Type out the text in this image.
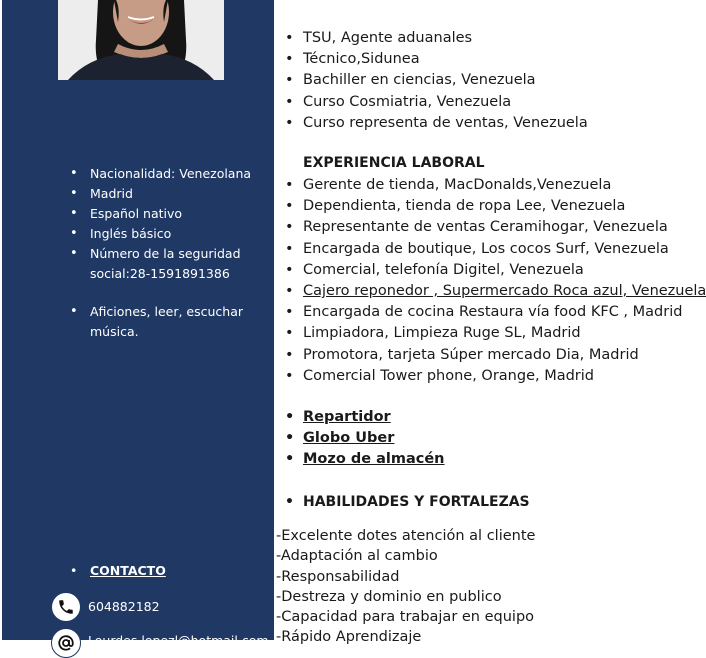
• Nacionalidad: Venezolana
• Madrid
• Español nativo
• Inglés básico
• Número de la seguridad social:28-1591891386
• Aficiones, leer, escuchar música.
• CONTACTO
604882182
Lourdes.lopezl@hotmail.com
• TSU, Agente aduanales
• Técnico,Sidunea
• Bachiller en ciencias, Venezuela
• Curso Cosmiatria, Venezuela
• Curso representa de ventas, Venezuela
EXPERIENCIA LABORAL
• Gerente de tienda, MacDonalds,Venezuela
• Dependienta, tienda de ropa Lee, Venezuela
• Representante de ventas Ceramihogar, Venezuela
• Encargada de boutique, Los cocos Surf, Venezuela
• Comercial, telefonía Digitel, Venezuela
• Cajero reponedor , Supermercado Roca azul, Venezuela
• Encargada de cocina Restaura vía food KFC , Madrid
• Limpiadora, Limpieza Ruge SL, Madrid
• Promotora, tarjeta Súper mercado Dia, Madrid
• Comercial Tower phone, Orange, Madrid
• Repartidor
• Globo Uber
• Mozo de almacén
• HABILIDADES Y FORTALEZAS
-Excelente dotes atención al cliente
-Adaptación al cambio
-Responsabilidad
-Destreza y dominio en publico
-Capacidad para trabajar en equipo
-Rápido Aprendizaje
